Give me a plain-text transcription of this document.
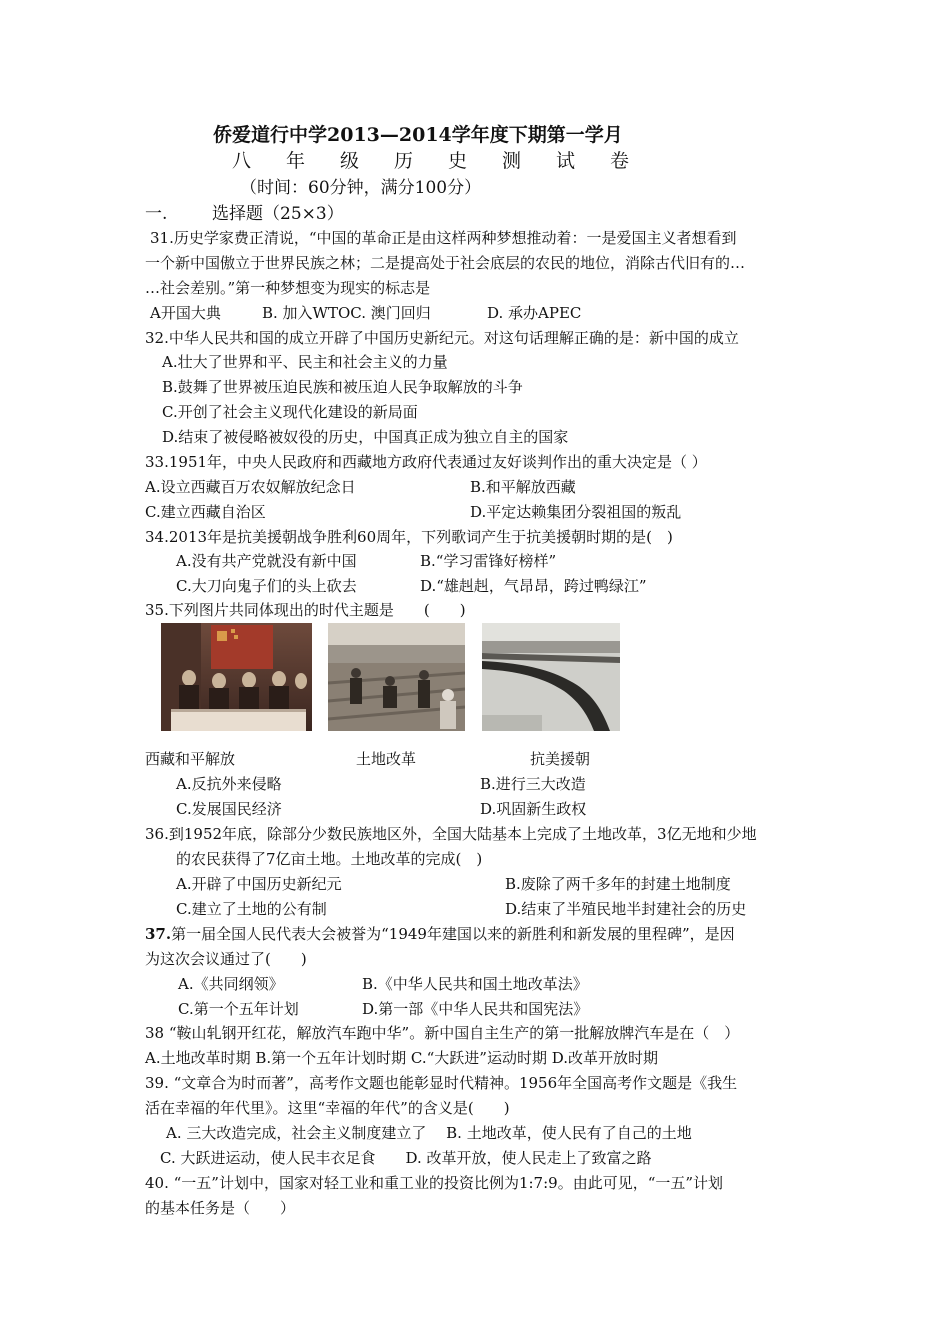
侨爱道行中学2013—2014学年度下期第一学月
八 年 级 历 史 测 试 卷
（时间：60分钟，满分100分）
一.	选择题（25×3）
31.历史学家费正清说，“中国的革命正是由这样两种梦想推动着：一是爱国主义者想看到
一个新中国傲立于世界民族之林；二是提高处于社会底层的农民的地位，消除古代旧有的…
…社会差别。”第一种梦想变为现实的标志是
A开国大典	B. 加入WTOC. 澳门回归	D. 承办APEC
32.中华人民共和国的成立开辟了中国历史新纪元。对这句话理解正确的是：新中国的成立
A.壮大了世界和平、民主和社会主义的力量
B.鼓舞了世界被压迫民族和被压迫人民争取解放的斗争
C.开创了社会主义现代化建设的新局面
D.结束了被侵略被奴役的历史，中国真正成为独立自主的国家
33.1951年，中央人民政府和西藏地方政府代表通过友好谈判作出的重大决定是（ ）
A.设立西藏百万农奴解放纪念日	B.和平解放西藏
C.建立西藏自治区	D.平定达赖集团分裂祖国的叛乱
34.2013年是抗美援朝战争胜利60周年，下列歌词产生于抗美援朝时期的是(　)
A.没有共产党就没有新中国	B.“学习雷锋好榜样”
C.大刀向鬼子们的头上砍去	D.“雄赳赳，气昂昂，跨过鸭绿江”
35.下列图片共同体现出的时代主题是　　(　　)
西藏和平解放	土地改革	抗美援朝
A.反抗外来侵略	B.进行三大改造
C.发展国民经济	D.巩固新生政权
36.到1952年底，除部分少数民族地区外，全国大陆基本上完成了土地改革，3亿无地和少地
的农民获得了7亿亩土地。土地改革的完成(　)
A.开辟了中国历史新纪元	B.废除了两千多年的封建土地制度
C.建立了土地的公有制	D.结束了半殖民地半封建社会的历史
37.第一届全国人民代表大会被誉为“1949年建国以来的新胜利和新发展的里程碑”，是因
为这次会议通过了(　　)
A.《共同纲领》	B.《中华人民共和国土地改革法》
C.第一个五年计划	D.第一部《中华人民共和国宪法》
38 “鞍山轧钢开红花，解放汽车跑中华”。新中国自主生产的第一批解放牌汽车是在（　）
A.土地改革时期 B.第一个五年计划时期 C.“大跃进”运动时期 D.改革开放时期
39. “文章合为时而著”，高考作文题也能彰显时代精神。1956年全国高考作文题是《我生
活在幸福的年代里》。这里“幸福的年代”的含义是(　　)
A. 三大改造完成，社会主义制度建立了　 B. 土地改革，使人民有了自己的土地
C. 大跃进运动，使人民丰衣足食　　D. 改革开放，使人民走上了致富之路
40. “一五”计划中，国家对轻工业和重工业的投资比例为1:7:9。由此可见，“一五”计划
的基本任务是（　　）
